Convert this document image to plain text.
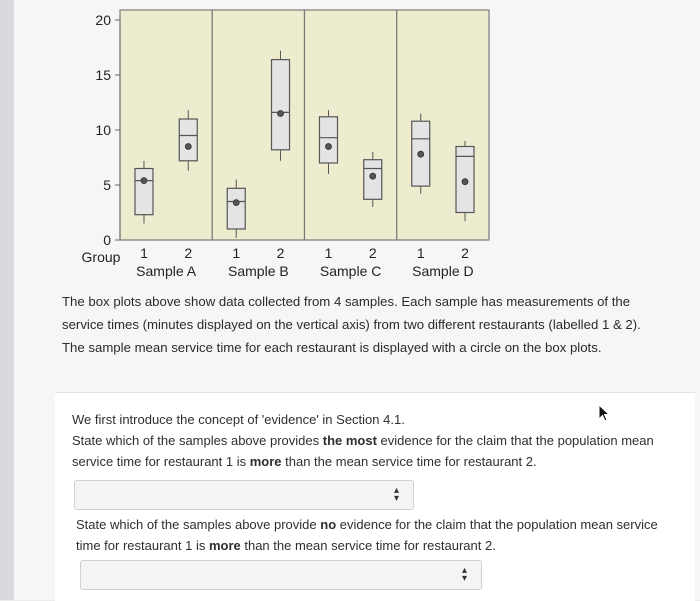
20
15
10
5
0
Group 1	2
Sample A
1	2
Sample B
1	2
Sample C
1	2
Sample D
The box plots above show data collected from 4 samples. Each sample has measurements of the service times (minutes displayed on the vertical axis) from two different restaurants (labelled 1 & 2). The sample mean service time for each restaurant is displayed with a circle on the box plots.
We first introduce the concept of 'evidence' in Section 4.1.
State which of the samples above provides the most evidence for the claim that the population mean service time for restaurant 1 is more than the mean service time for restaurant 2.
▴
▾
State which of the samples above provide no evidence for the claim that the population mean service time for restaurant 1 is more than the mean service time for restaurant 2.
▴
▾
